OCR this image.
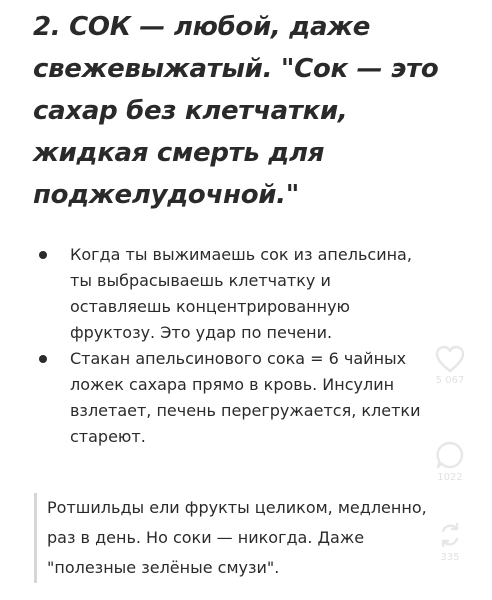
2. СОК — любой, даже
свежевыжатый. "Сок — это
сахар без клетчатки,
жидкая смерть для
поджелудочной."
Когда ты выжимаешь сок из апельсина,
ты выбрасываешь клетчатку и
оставляешь концентрированную
фруктозу. Это удар по печени.
Стакан апельсинового сока = 6 чайных
ложек сахара прямо в кровь. Инсулин
взлетает, печень перегружается, клетки
стареют.
Ротшильды ели фрукты целиком, медленно,
раз в день. Но соки — никогда. Даже
"полезные зелёные смузи".
5 067
1022
335
